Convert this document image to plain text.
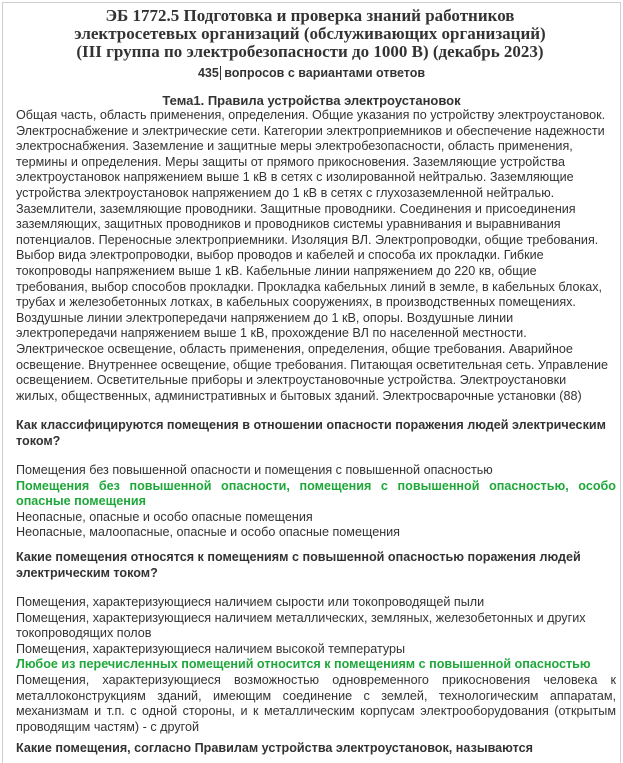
ЭБ 1772.5 Подготовка и проверка знаний работников электросетевых организаций (обслуживающих организаций) (III группа по электробезопасности до 1000 В) (декабрь 2023)
435 вопросов с вариантами ответов
Тема1. Правила устройства электроустановок
Общая часть, область применения, определения. Общие указания по устройству электроустановок. Электроснабжение и электрические сети. Категории электроприемников и обеспечение надежности электроснабжения. Заземление и защитные меры электробезопасности, область применения, термины и определения. Меры защиты от прямого прикосновения. Заземляющие устройства электроустановок напряжением выше 1 кВ в сетях с изолированной нейтралью. Заземляющие устройства электроустановок напряжением до 1 кВ в сетях с глухозаземленной нейтралью. Заземлители, заземляющие проводники. Защитные проводники. Соединения и присоединения заземляющих, защитных проводников и проводников системы уравнивания и выравнивания потенциалов. Переносные электроприемники. Изоляция ВЛ. Электропроводки, общие требования. Выбор вида электропроводки, выбор проводов и кабелей и способа их прокладки. Гибкие токопроводы напряжением выше 1 кВ. Кабельные линии напряжением до 220 кв, общие требования, выбор способов прокладки. Прокладка кабельных линий в земле, в кабельных блоках, трубах и железобетонных лотках, в кабельных сооружениях, в производственных помещениях. Воздушные линии электропередачи напряжением до 1 кВ, опоры. Воздушные линии электропередачи напряжением выше 1 кВ, прохождение ВЛ по населенной местности. Электрическое освещение, область применения, определения, общие требования. Аварийное освещение. Внутреннее освещение, общие требования. Питающая осветительная сеть. Управление освещением. Осветительные приборы и электроустановочные устройства. Электроустановки жилых, общественных, административных и бытовых зданий. Электросварочные установки (88)
Как классифицируются помещения в отношении опасности поражения людей электрическим током?
Помещения без повышенной опасности и помещения с повышенной опасностью
Помещения без повышенной опасности, помещения с повышенной опасностью, особо опасные помещения
Неопасные, опасные и особо опасные помещения
Неопасные, малоопасные, опасные и особо опасные помещения
Какие помещения относятся к помещениям с повышенной опасностью поражения людей электрическим током?
Помещения, характеризующиеся наличием сырости или токопроводящей пыли
Помещения, характеризующиеся наличием металлических, земляных, железобетонных и других токопроводящих полов
Помещения, характеризующиеся наличием высокой температуры
Любое из перечисленных помещений относится к помещениям с повышенной опасностью
Помещения, характеризующиеся возможностью одновременного прикосновения человека к металлоконструкциям зданий, имеющим соединение с землей, технологическим аппаратам, механизмам и т.п. с одной стороны, и к металлическим корпусам электрооборудования (открытым проводящим частям) - с другой
Какие помещения, согласно Правилам устройства электроустановок, называются
